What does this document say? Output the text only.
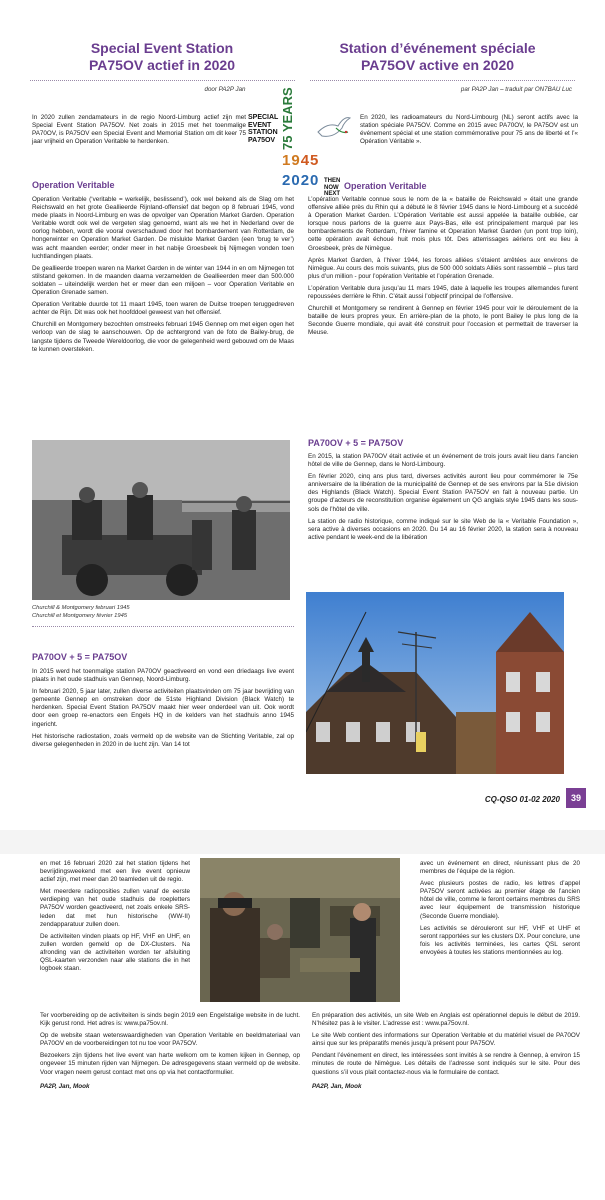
Special Event Station PA75OV actief in 2020
Station d’événement spéciale PA75OV active en 2020
door PA2P Jan	par PA2P Jan – traduit par ON7BAU Luc
SPECIAL
EVENT
STATION
PA75OV 75 YEARS
1945
2020 THEN
NOW
NEXT

In 2020 zullen zendamateurs in de regio Noord-Limburg actief zijn met Special Event Station PA75OV. Net zoals in 2015 met het toenmalige PA70OV, is PA75OV een Special Event and Memorial Station om dit keer 75 jaar vrijheid en Operation Veritable te herdenken.

Operation Veritable

Operation Veritable (‘veritable = werkelijk, beslissend’), ook wel bekend als de Slag om het Reichswald en het grote Geallieerde Rijnland-offensief dat begon op 8 februari 1945, vond mede plaats in Noord-Limburg en was de opvolger van Operation Market Garden. Operation Veritable wordt ook wel de vergeten slag genoemd, want als we het in Nederland over de oorlog hebben, wordt die vooral overschaduwd door het bombardement van Rotterdam, de hongerwinter en Operation Market Garden. De mislukte Market Garden (een ‘brug te ver’) was acht maanden eerder; onder meer in het nabije Groesbeek bij Nijmegen vonden toen luchtlandingen plaats.

De geallieerde troepen waren na Market Garden in de winter van 1944 in en om Nijmegen tot stilstand gekomen. In de maanden daarna verzamelden de Geallieerden meer dan 500.000 soldaten – uiteindelijk werden het er meer dan een miljoen – voor Operation Veritable en Operation Grenade samen.

Operation Veritable duurde tot 11 maart 1945, toen waren de Duitse troepen teruggedreven achter de Rijn. Dit was ook het hoofddoel geweest van het offensief.

Churchill en Montgomery bezochten omstreeks februari 1945 Gennep om met eigen ogen het verloop van de slag te aanschouwen. Op de achtergrond van de foto de Bailey-brug, de langste tijdens de Tweede Wereldoorlog, die voor de gelegenheid werd gebouwd om de Maas te kunnen oversteken.

En 2020, les radioamateurs du Nord-Limbourg (NL) seront actifs avec la station spéciale PA75OV. Comme en 2015 avec PA70OV, le PA75OV est un événement spécial et une station commémorative pour 75 ans de liberté et l’« Opération Véritable ».

Operation Veritable

L’opération Veritable connue sous le nom de la « bataille de Reichswald » était une grande offensive alliée près du Rhin qui a débuté le 8 février 1945 dans le Nord-Limbourg et a succédé à Operation Market Garden. L’Opération Veritable est aussi appelée la bataille oubliée, car lorsque nous parlons de la guerre aux Pays-Bas, elle est principalement marqué par les bombardements de Rotterdam, l’hiver famine et Operation Market Garden (un pont trop loin), cette opération avait échoué huit mois plus tôt. Des atterrissages aériens ont eu lieu à Groesbeek, près de Nimègue.

Après Market Garden, à l’hiver 1944, les forces alliées s’étaient arrêtées aux environs de Nimègue. Au cours des mois suivants, plus de 500 000 soldats Alliés sont rassemblé – plus tard plus d’un million - pour l’opération Veritable et l’opération Grenade.

L’opération Veritable dura jusqu’au 11 mars 1945, date à laquelle les troupes allemandes furent repoussées derrière le Rhin. C’était aussi l’objectif principal de l’offensive.

Churchill et Montgomery se rendirent à Gennep en février 1945 pour voir le déroulement de la bataille de leurs propres yeux. En arrière-plan de la photo, le pont Bailey le plus long de la Seconde Guerre mondiale, qui avait été construit pour l’occasion et permettait de traverser la Meuse.

PA70OV + 5 = PA75OV

En 2015, la station PA70OV était activée et un événement de trois jours avait lieu dans l’ancien hôtel de ville de Gennep, dans le Nord-Limbourg.

En février 2020, cinq ans plus tard, diverses activités auront lieu pour commémorer le 75e anniversaire de la libération de la municipalité de Gennep et de ses environs par la 51e division des Highlands (Black Watch). Special Event Station PA75OV en fait à nouveau partie. Un groupe d’acteurs de reconstitution organise également un QG anglais style 1945 dans les sous-sols de l’hôtel de ville.

La station de radio historique, comme indiqué sur le site Web de la « Veritable Foundation », sera active à diverses occasions en 2020. Du 14 au 16 février 2020, la station sera à nouveau active pendant le week-end de la libération

Churchill & Montgomery februari 1945
Churchill et Montgomery février 1945
PA70OV + 5 = PA75OV

In 2015 werd het toenmalige station PA70OV geactiveerd en vond een driedaags live event plaats in het oude stadhuis van Gennep, Noord-Limburg.

In februari 2020, 5 jaar later, zullen diverse activiteiten plaatsvinden om 75 jaar bevrijding van gemeente Gennep en omstreken door de 51ste Highland Division (Black Watch) te herdenken. Special Event Station PA75OV maakt hier weer onderdeel van uit. Ook wordt door een groep re-enactors een Engels HQ in de kelders van het stadhuis anno 1945 ingericht.

Het historische radiostation, zoals vermeld op de website van de Stichting Veritable, zal op diverse gelegenheden in 2020 in de lucht zijn. Van 14 tot

CQ-QSO 01-02 2020	39

en met 16 februari 2020 zal het station tijdens het bevrijdingsweekend met een live event opnieuw actief zijn, met meer dan 20 teamleden uit de regio.

Met meerdere radioposities zullen vanaf de eerste verdieping van het oude stadhuis de roepletters PA75OV worden geactiveerd, net zoals enkele SRS-leden dat met hun historische (WW-II) zendapparatuur zullen doen.

De activiteiten vinden plaats op HF, VHF en UHF, en zullen worden gemeld op de DX-Clusters. Na afronding van de activiteiten worden ter afsluiting QSL-kaarten verzonden naar alle stations die in het logboek staan.

Ter voorbereiding op de activiteiten is sinds begin 2019 een Engelstalige website in de lucht. Kijk gerust rond. Het adres is: www.pa75ov.nl.

Op de website staan wetenswaardigheden van Operation Veritable en beeldmateriaal van PA70OV en de voorbereidingen tot nu toe voor PA75OV.

Bezoekers zijn tijdens het live event van harte welkom om te komen kijken in Gennep, op ongeveer 15 minuten rijden van Nijmegen. De adresgegevens staan vermeld op de website. Voor vragen neem gerust contact met ons op via het contactformulier.

PA2P, Jan, Mook

avec un événement en direct, réunissant plus de 20 membres de l’équipe de la région.

Avec plusieurs postes de radio, les lettres d’appel PA75OV seront activées au premier étage de l’ancien hôtel de ville, comme le feront certains membres du SRS avec leur équipement de transmission historique (Seconde Guerre mondiale).

Les activités se dérouleront sur HF, VHF et UHF et seront rapportées sur les clusters DX. Pour conclure, une fois les activités terminées, les cartes QSL seront envoyées à toutes les stations mentionnées au log.

En préparation des activités, un site Web en Anglais est opérationnel depuis le début de 2019. N’hésitez pas à le visiter. L’adresse est : www.pa75ov.nl.

Le site Web contient des informations sur Operation Veritable et du matériel visuel de PA70OV ainsi que sur les préparatifs menés jusqu’à présent pour PA75OV.

Pendant l’événement en direct, les intéressées sont invités à se rendre à Gennep, à environ 15 minutes de route de Nimègue. Les détails de l’adresse sont indiqués sur le site. Pour des questions s’il vous plait contactez-nous via le formulaire de contact.

PA2P, Jan, Mook
